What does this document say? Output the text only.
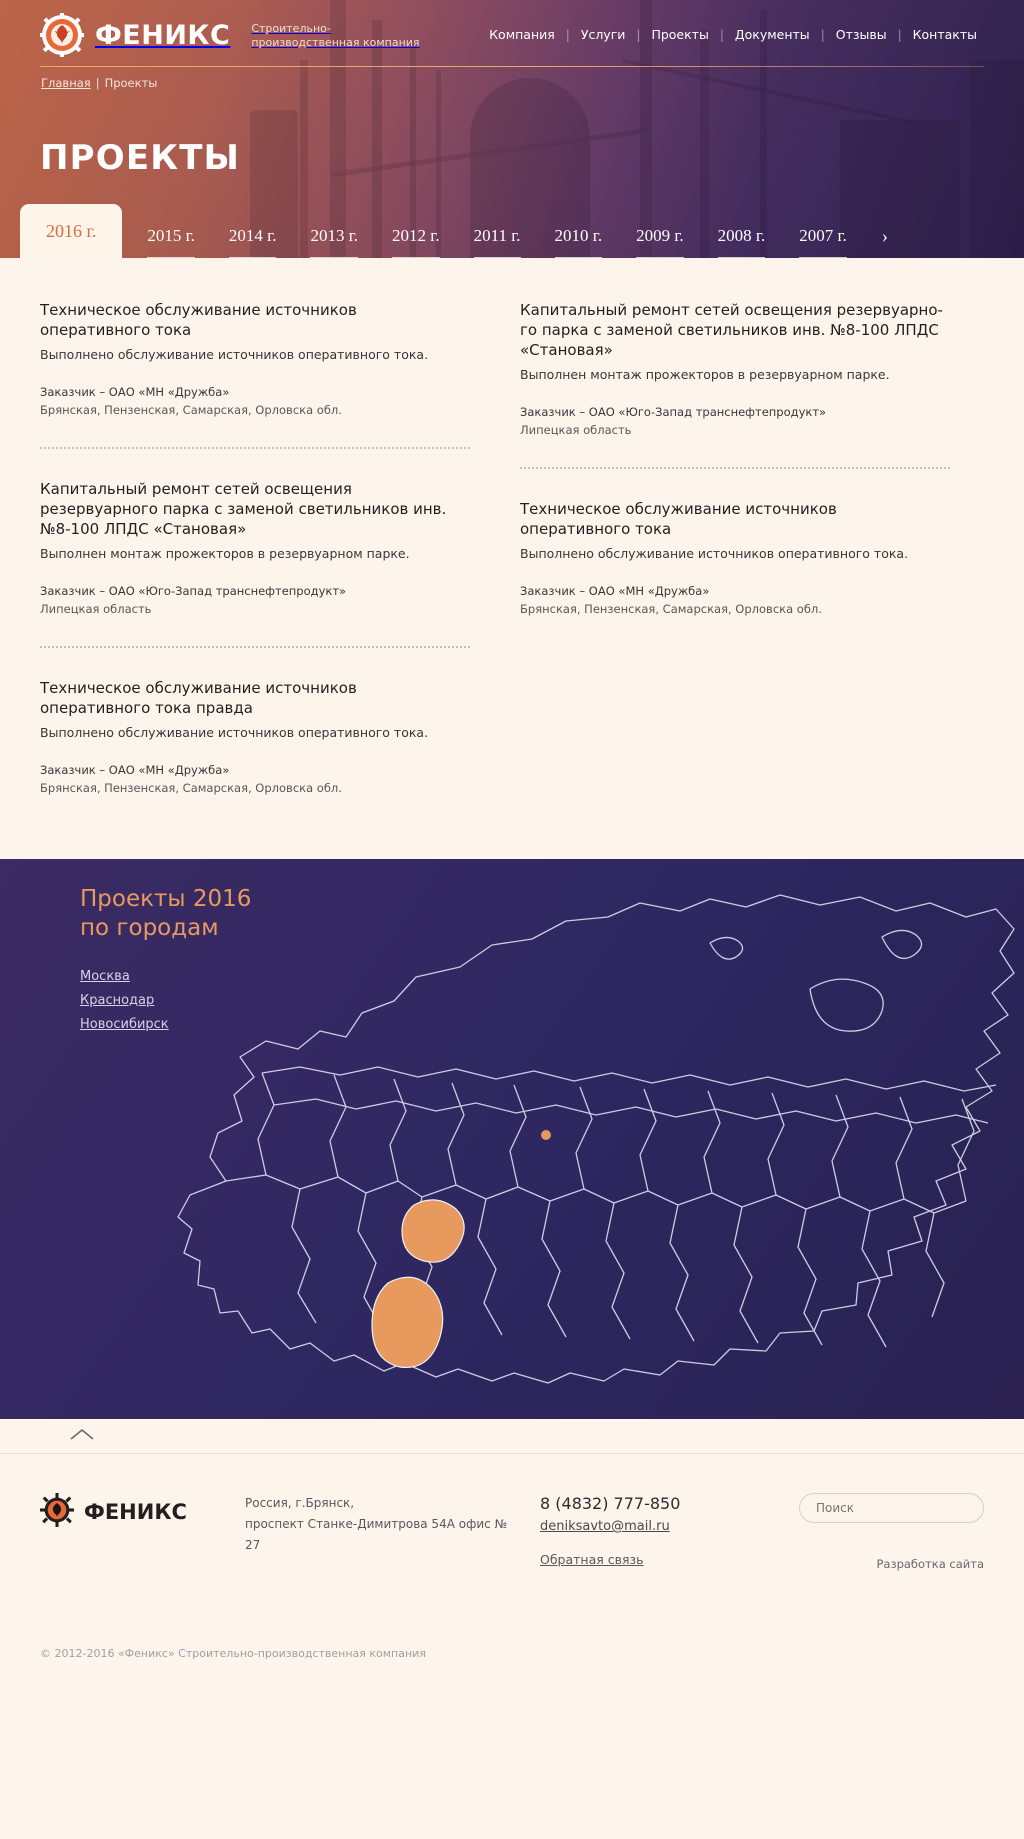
ФЕНИКС Строительно-производственная компания
Компания | Услуги | Проекты | Документы | Отзывы | Контакты
Главная | Проекты
ПРОЕКТЫ
2016 г.	2015 г. 2014 г. 2013 г. 2012 г. 2011 г. 2010 г. 2009 г. 2008 г. 2007 г. ›
Техническое обслуживание источников оперативного тока

Выполнено обслуживание источников оперативного тока.

Заказчик – ОАО «МН «Дружба»

Брянская, Пензенская, Самарская, Орловска обл.

Капитальный ремонт сетей освещения резервуарного парка с заменой светильников инв. №8-100 ЛПДС «Становая»

Выполнен монтаж прожекторов в резервуарном парке.

Заказчик – ОАО «Юго-Запад транснефтепродукт»

Липецкая область

Техническое обслуживание источников оперативного тока правда

Выполнено обслуживание источников оперативного тока.

Заказчик – ОАО «МН «Дружба»

Брянская, Пензенская, Самарская, Орловска обл.

Капитальный ремонт сетей освещения резервуарно-го парка с заменой светильников инв. №8-100 ЛПДС «Становая»

Выполнен монтаж прожекторов в резервуарном парке.

Заказчик – ОАО «Юго-Запад транснефтепродукт»

Липецкая область

Техническое обслуживание источников оперативного тока

Выполнено обслуживание источников оперативного тока.

Заказчик – ОАО «МН «Дружба»

Брянская, Пензенская, Самарская, Орловска обл.

Проекты 2016
по городам
Москва
Краснодар
Новосибирск
ФЕНИКС	Россия, г.Брянск,
проспект Станке-Димитрова 54А офис № 27
8 (4832) 777-850
deniksavto@mail.ru Обратная связь
Поиск	Разработка сайта
© 2012-2016 «Феникс» Строительно-производственная компания
